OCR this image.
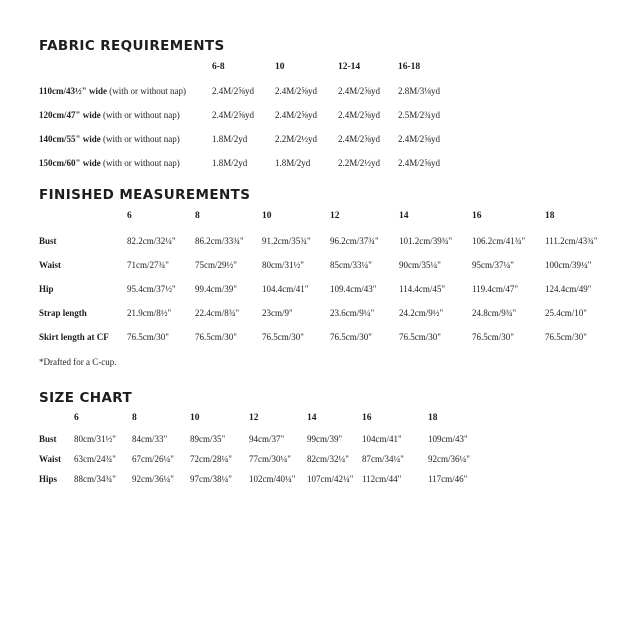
FABRIC REQUIREMENTS
6-8	10	12-14	16-18
110cm/43½" wide (with or without nap)	2.4M/2⅝yd 2.4M/2⅝yd 2.4M/2⅝yd 2.8M/3⅛yd
120cm/47" wide (with or without nap)	2.4M/2⅝yd 2.4M/2⅝yd 2.4M/2⅝yd 2.5M/2¾yd
140cm/55" wide (with or without nap)	1.8M/2yd	2.2M/2½yd 2.4M/2⅝yd 2.4M/2⅝yd
150cm/60" wide (with or without nap)	1.8M/2yd	1.8M/2yd	2.2M/2½yd 2.4M/2⅝yd
FINISHED MEASUREMENTS
6	8	10	12	14	16	18
Bust	82.2cm/32¼" 86.2cm/33¾" 91.2cm/35¾" 96.2cm/37¾" 101.2cm/39¾" 106.2cm/41¾" 111.2cm/43¾"
Waist	71cm/27¾"	75cm/29½"	80cm/31½"	85cm/33¼"	90cm/35¼"	95cm/37¼"	100cm/39¼"
Hip	95.4cm/37½" 99.4cm/39"	104.4cm/41" 109.4cm/43"	114.4cm/45"	119.4cm/47"	124.4cm/49"
Strap length	21.9cm/8½"	22.4cm/8¾"	23cm/9"	23.6cm/9¼"	24.2cm/9½"	24.8cm/9¾"	25.4cm/10"
Skirt length at CF 76.5cm/30"	76.5cm/30"	76.5cm/30"	76.5cm/30"	76.5cm/30"	76.5cm/30"	76.5cm/30"
*Drafted for a C-cup.
SIZE CHART
6	8	10	12	14	16	18
Bust 80cm/31½" 84cm/33"	89cm/35"	94cm/37"	99cm/39" 104cm/41"	109cm/43"
Waist 63cm/24¾" 67cm/26¼" 72cm/28¼" 77cm/30¼" 82cm/32¼" 87cm/34¼"	92cm/36¼"
Hips 88cm/34¾" 92cm/36¼" 97cm/38¼" 102cm/40¼" 107cm/42¼" 112cm/44"	117cm/46"
